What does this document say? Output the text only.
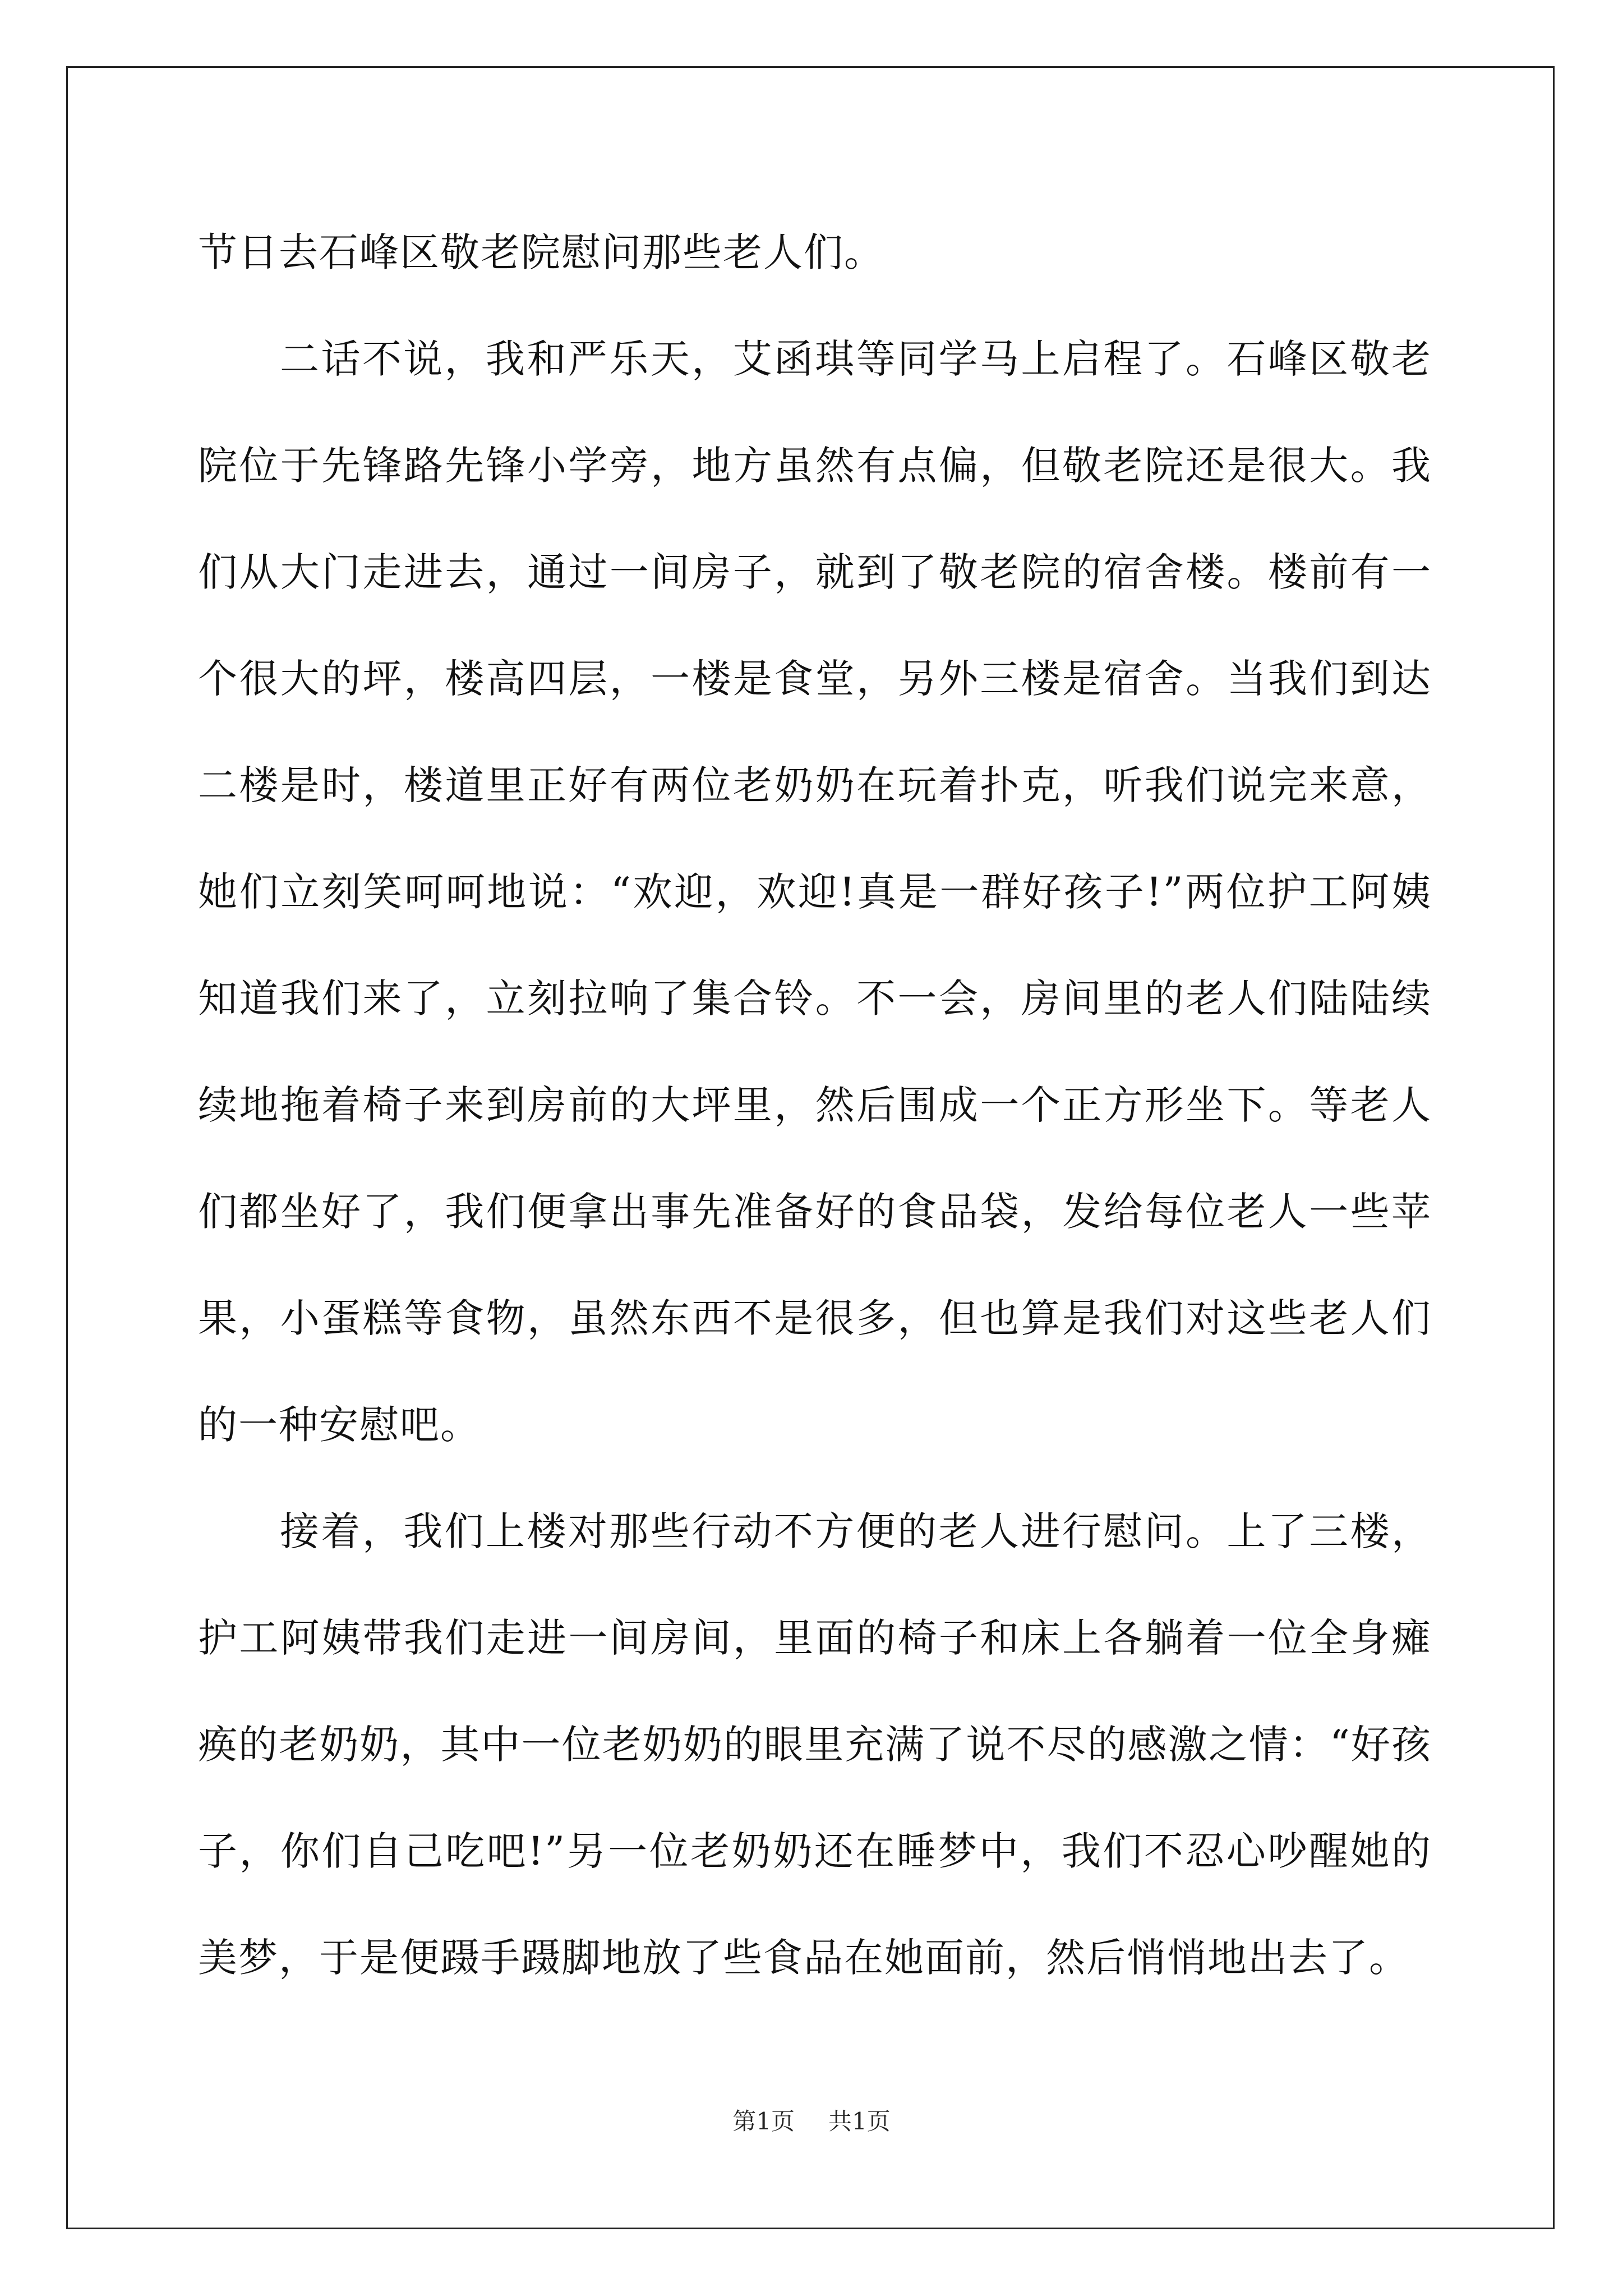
节日去石峰区敬老院慰问那些老人们。

二话不说，我和严乐天，艾函琪等同学马上启程了。石峰区敬老院位于先锋路先锋小学旁，地方虽然有点偏，但敬老院还是很大。我们从大门走进去，通过一间房子，就到了敬老院的宿舍楼。楼前有一个很大的坪，楼高四层，一楼是食堂，另外三楼是宿舍。当我们到达二楼是时，楼道里正好有两位老奶奶在玩着扑克，听我们说完来意，她们立刻笑呵呵地说：“欢迎，欢迎!真是一群好孩子!”两位护工阿姨知道我们来了，立刻拉响了集合铃。不一会，房间里的老人们陆陆续续地拖着椅子来到房前的大坪里，然后围成一个正方形坐下。等老人们都坐好了，我们便拿出事先准备好的食品袋，发给每位老人一些苹果，小蛋糕等食物，虽然东西不是很多，但也算是我们对这些老人们的一种安慰吧。

接着，我们上楼对那些行动不方便的老人进行慰问。上了三楼，护工阿姨带我们走进一间房间，里面的椅子和床上各躺着一位全身瘫痪的老奶奶，其中一位老奶奶的眼里充满了说不尽的感激之情：“好孩子，你们自己吃吧!”另一位老奶奶还在睡梦中，我们不忍心吵醒她的美梦，于是便蹑手蹑脚地放了些食品在她面前，然后悄悄地出去了。

第1页 共1页
